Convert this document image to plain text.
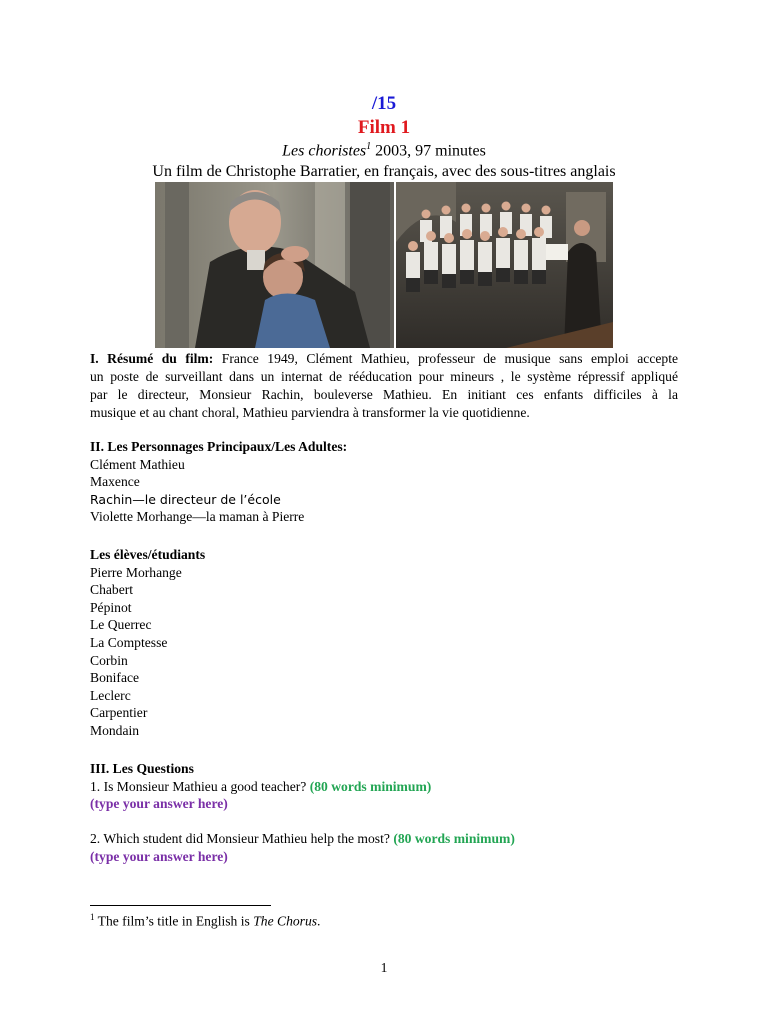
/15
Film 1
Les choristes$^1$ 2003, 97 minutes
Un film de Christophe Barratier, en français, avec des sous-titres anglais
I. Résumé du film: France 1949, Clément Mathieu, professeur de musique sans emploi accepte
un poste de surveillant dans un internat de rééducation pour mineurs , le système répressif appliqué
par le directeur, Monsieur Rachin, bouleverse Mathieu. En initiant ces enfants difficiles à la
musique et au chant choral, Mathieu parviendra à transformer la vie quotidienne.
II. Les Personnages Principaux/Les Adultes:
Clément Mathieu
Maxence
Rachin—le directeur de l’école
Violette Morhange—la maman à Pierre
Les élèves/étudiants
Pierre Morhange
Chabert
Pépinot
Le Querrec
La Comptesse
Corbin
Boniface
Leclerc
Carpentier
Mondain
III. Les Questions
1. Is Monsieur Mathieu a good teacher? (80 words minimum)
(type your answer here)
2. Which student did Monsieur Mathieu help the most? (80 words minimum)
(type your answer here)
$^1$ The film’s title in English is The Chorus.
1
